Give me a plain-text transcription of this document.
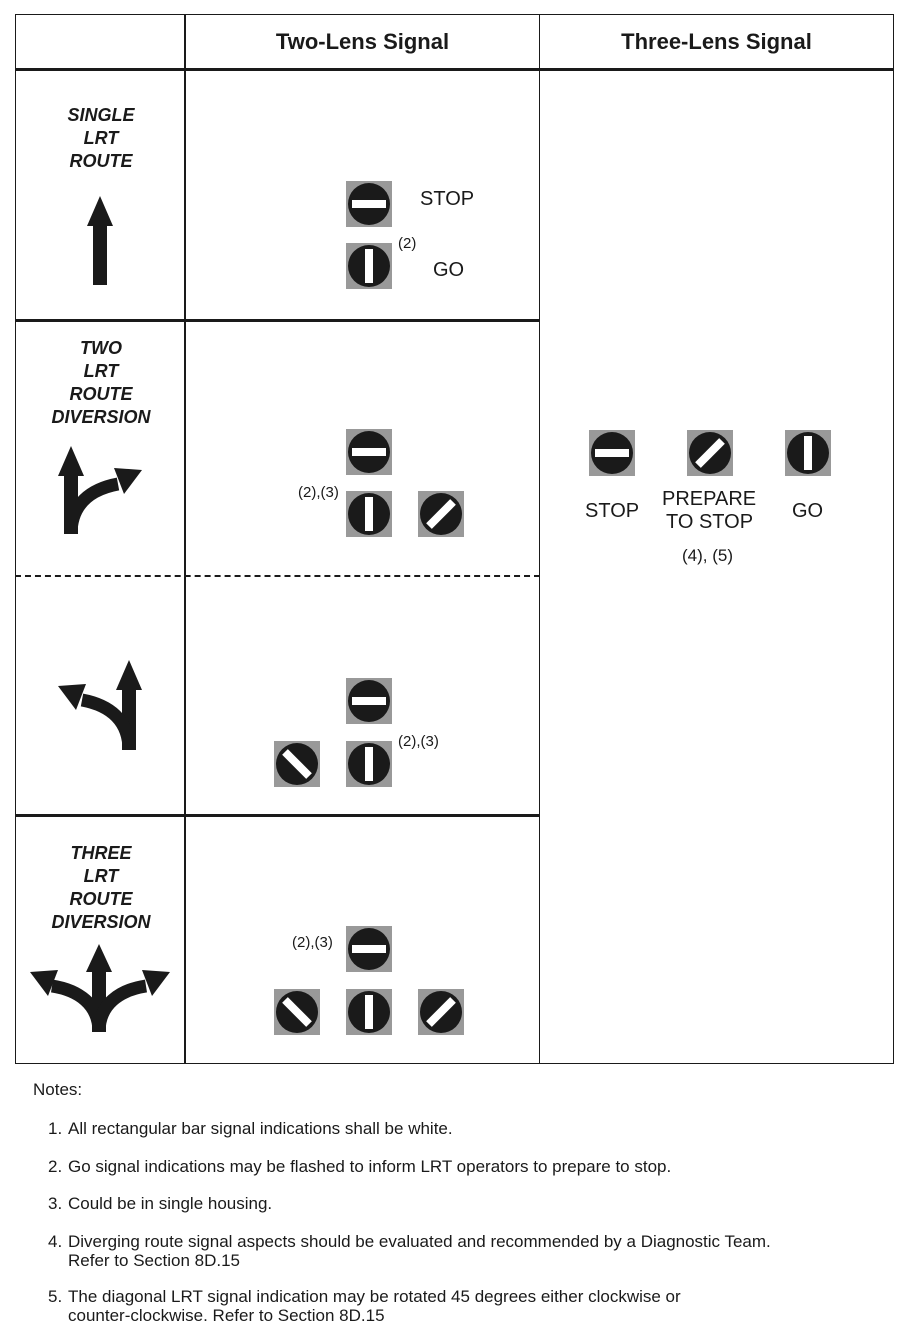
Two-Lens Signal	Three-Lens Signal
SINGLE
LRT
ROUTE
STOP
(2)
GO
TWO
LRT
ROUTE
DIVERSION
(2),(3)
(2),(3)
THREE
LRT
ROUTE
DIVERSION
(2),(3)
STOP
PREPARE
TO STOP GO
(4), (5)
Notes:
1. All rectangular bar signal indications shall be white.
2. Go signal indications may be flashed to inform LRT operators to prepare to stop.
3. Could be in single housing.
4. Diverging route signal aspects should be evaluated and recommended by a Diagnostic Team.
Refer to Section 8D.15
5. The diagonal LRT signal indication may be rotated 45 degrees either clockwise or
counter-clockwise. Refer to Section 8D.15
